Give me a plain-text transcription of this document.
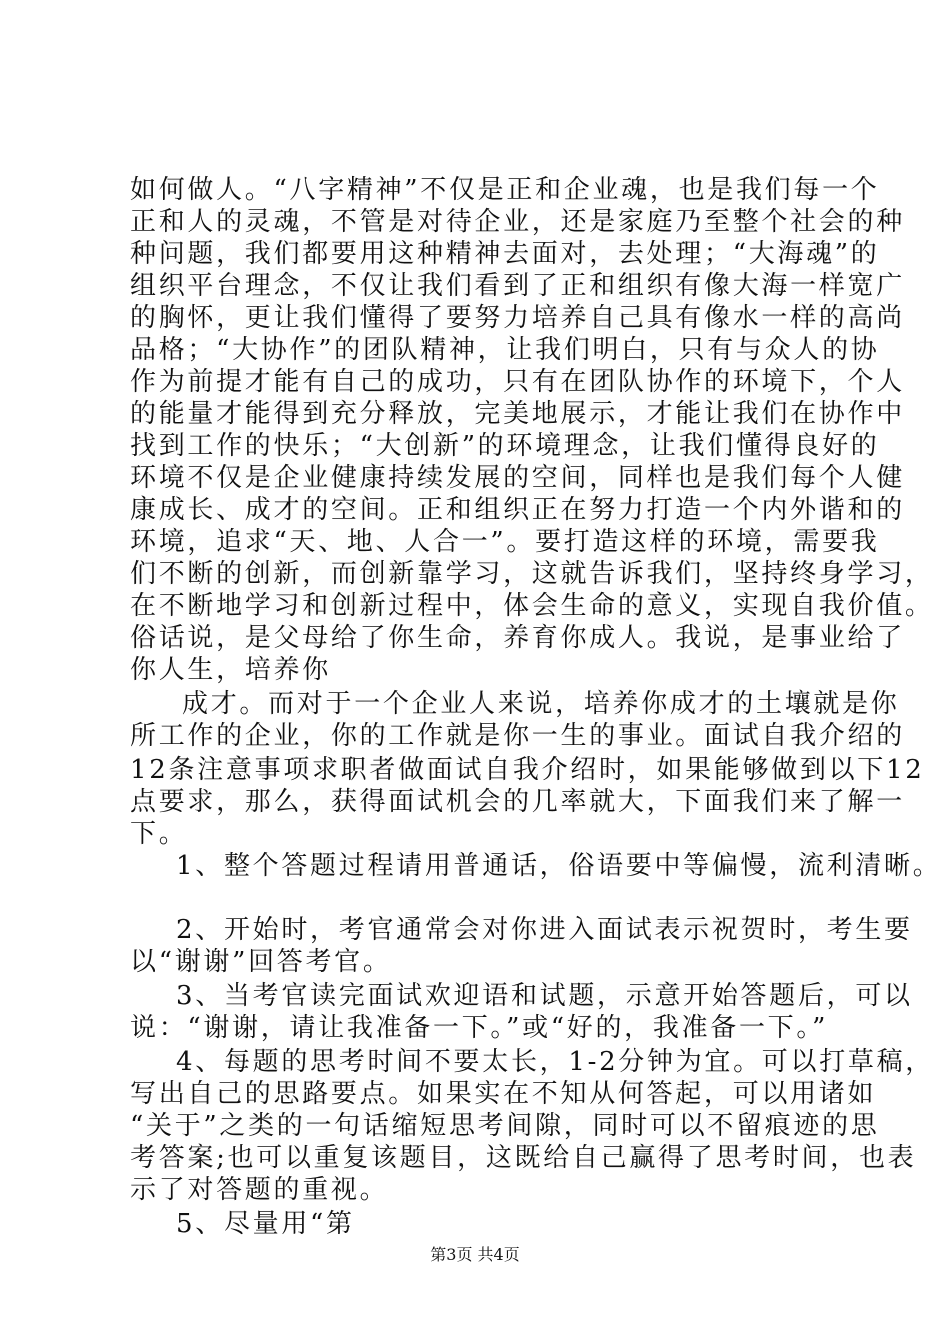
如何做人。“八字精神”不仅是正和企业魂，也是我们每一个
正和人的灵魂，不管是对待企业，还是家庭乃至整个社会的种
种问题，我们都要用这种精神去面对，去处理；“大海魂”的
组织平台理念，不仅让我们看到了正和组织有像大海一样宽广
的胸怀，更让我们懂得了要努力培养自己具有像水一样的高尚
品格；“大协作”的团队精神，让我们明白，只有与众人的协
作为前提才能有自己的成功，只有在团队协作的环境下，个人
的能量才能得到充分释放，完美地展示，才能让我们在协作中
找到工作的快乐；“大创新”的环境理念，让我们懂得良好的
环境不仅是企业健康持续发展的空间，同样也是我们每个人健
康成长、成才的空间。正和组织正在努力打造一个内外谐和的
环境，追求“天、地、人合一”。要打造这样的环境，需要我
们不断的创新，而创新靠学习，这就告诉我们，坚持终身学习，
在不断地学习和创新过程中，体会生命的意义，实现自我价值。
俗话说，是父母给了你生命，养育你成人。我说，是事业给了
你人生，培养你
成才。而对于一个企业人来说，培养你成才的土壤就是你
所工作的企业，你的工作就是你一生的事业。面试自我介绍的
12条注意事项求职者做面试自我介绍时，如果能够做到以下12
点要求，那么，获得面试机会的几率就大，下面我们来了解一
下。
1、整个答题过程请用普通话，俗语要中等偏慢，流利清晰。
2、开始时，考官通常会对你进入面试表示祝贺时，考生要
以“谢谢”回答考官。
3、当考官读完面试欢迎语和试题，示意开始答题后，可以
说：“谢谢，请让我准备一下。”或“好的，我准备一下。”
4、每题的思考时间不要太长，1-2分钟为宜。可以打草稿，
写出自己的思路要点。如果实在不知从何答起，可以用诸如
“关于”之类的一句话缩短思考间隙，同时可以不留痕迹的思
考答案;也可以重复该题目，这既给自己赢得了思考时间，也表
示了对答题的重视。
5、尽量用“第
第3页 共4页
